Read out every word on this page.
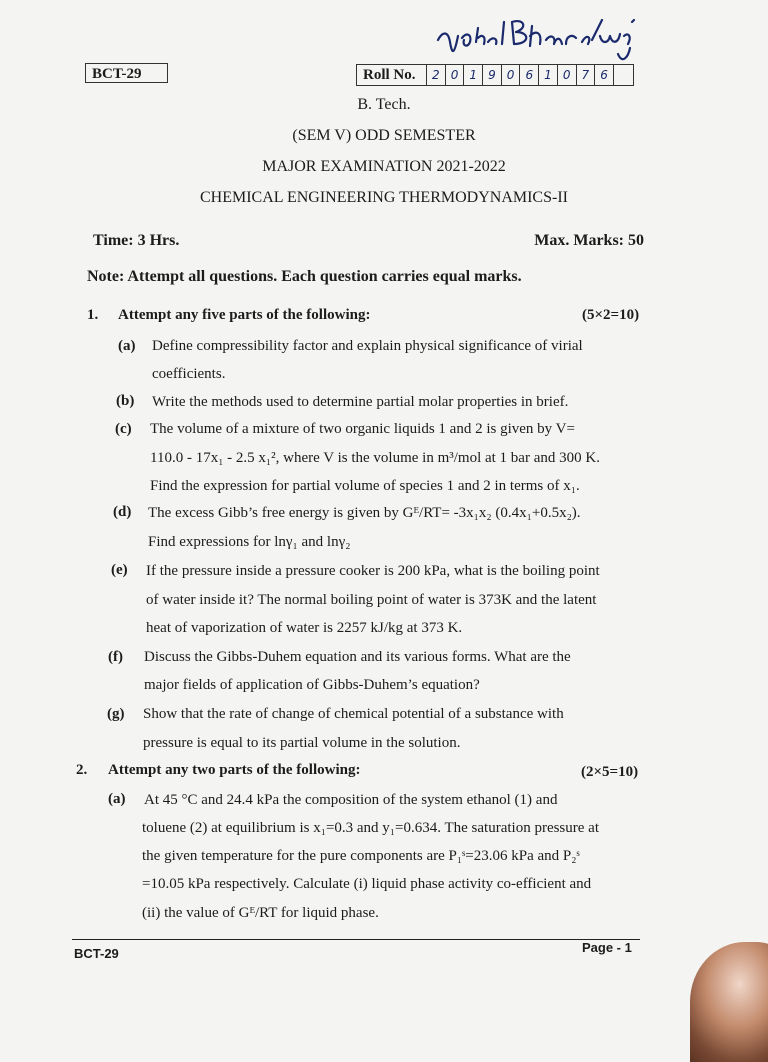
BCT-29	Roll No.	2 0 1 9 0 6 1 0 7 6
B. Tech.
(SEM V) ODD SEMESTER
MAJOR EXAMINATION 2021-2022
CHEMICAL ENGINEERING THERMODYNAMICS-II
Time: 3 Hrs.	Max. Marks: 50
Note: Attempt all questions. Each question carries equal marks.
1. Attempt any five parts of the following:	(5×2=10)
(a) Define compressibility factor and explain physical significance of virial
coefficients.
(b) Write the methods used to determine partial molar properties in brief.
(c) The volume of a mixture of two organic liquids 1 and 2 is given by V=
110.0 - 17x₁ - 2.5 x₁², where V is the volume in m³/mol at 1 bar and 300 K.
Find the expression for partial volume of species 1 and 2 in terms of x₁.
(d) The excess Gibb’s free energy is given by Gᴱ/RT= -3x₁x₂ (0.4x₁+0.5x₂).
Find expressions for lnγ₁ and lnγ₂
(e) If the pressure inside a pressure cooker is 200 kPa, what is the boiling point
of water inside it? The normal boiling point of water is 373K and the latent
heat of vaporization of water is 2257 kJ/kg at 373 K.
(f) Discuss the Gibbs-Duhem equation and its various forms. What are the
major fields of application of Gibbs-Duhem’s equation?
(g) Show that the rate of change of chemical potential of a substance with
pressure is equal to its partial volume in the solution.
2. Attempt any two parts of the following:	(2×5=10)
(a) At 45 °C and 24.4 kPa the composition of the system ethanol (1) and
toluene (2) at equilibrium is x₁=0.3 and y₁=0.634. The saturation pressure at
the given temperature for the pure components are P₁ˢ=23.06 kPa and P₂ˢ
=10.05 kPa respectively. Calculate (i) liquid phase activity co-efficient and
(ii) the value of Gᴱ/RT for liquid phase.
BCT-29	Page - 1
